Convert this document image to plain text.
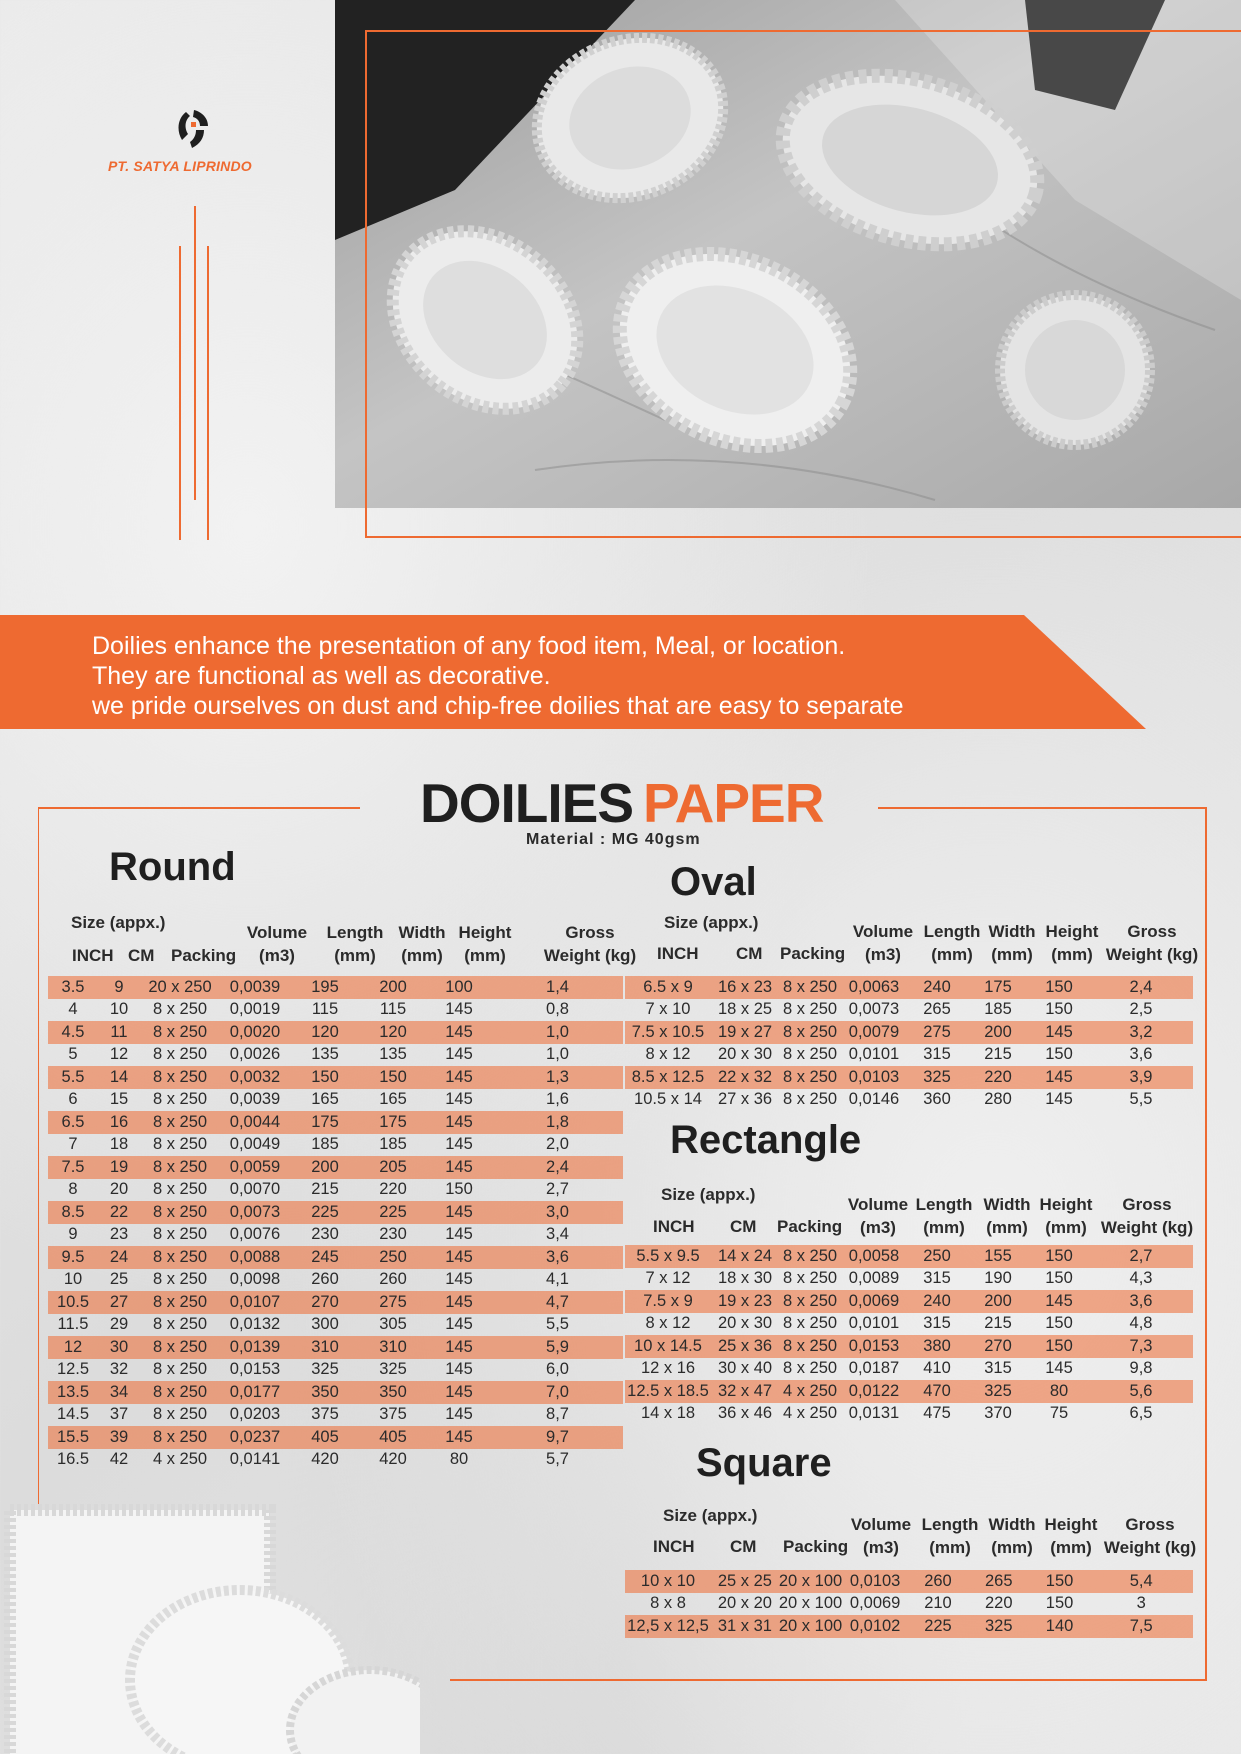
PT. SATYA LIPRINDO
Doilies enhance the presentation of any food item, Meal, or location.
They are functional as well as decorative.
we pride ourselves on dust and chip-free doilies that are easy to separate
DOILIES PAPER
Material : MG 40gsm
Round
Size (appx.)
INCH CM Packing
Volume
(m3)
Length
(mm)
Width
(mm)
Height
(mm)
Gross
Weight (kg)
3.5	9	20 x 250	0,0039	195	200	100	1,4
4	10	8 x 250	0,0019	115	115	145	0,8
4.5	11	8 x 250	0,0020	120	120	145	1,0
5	12	8 x 250	0,0026	135	135	145	1,0
5.5	14	8 x 250	0,0032	150	150	145	1,3
6	15	8 x 250	0,0039	165	165	145	1,6
6.5	16	8 x 250	0,0044	175	175	145	1,8
7	18	8 x 250	0,0049	185	185	145	2,0
7.5	19	8 x 250	0,0059	200	205	145	2,4
8	20	8 x 250	0,0070	215	220	150	2,7
8.5	22	8 x 250	0,0073	225	225	145	3,0
9	23	8 x 250	0,0076	230	230	145	3,4
9.5	24	8 x 250	0,0088	245	250	145	3,6
10	25	8 x 250	0,0098	260	260	145	4,1
10.5	27	8 x 250	0,0107	270	275	145	4,7
11.5	29	8 x 250	0,0132	300	305	145	5,5
12	30	8 x 250	0,0139	310	310	145	5,9
12.5	32	8 x 250	0,0153	325	325	145	6,0
13.5	34	8 x 250	0,0177	350	350	145	7,0
14.5	37	8 x 250	0,0203	375	375	145	8,7
15.5	39	8 x 250	0,0237	405	405	145	9,7
16.5	42	4 x 250	0,0141	420	420	80	5,7
Oval
Size (appx.)
INCH CM Packing
Volume
(m3)
Length
(mm)
Width
(mm)
Height
(mm)
Gross
Weight (kg)
6.5 x 9	16 x 23	8 x 250	0,0063	240	175	150	2,4
7 x 10	18 x 25	8 x 250	0,0073	265	185	150	2,5
7.5 x 10.5	19 x 27	8 x 250	0,0079	275	200	145	3,2
8 x 12	20 x 30	8 x 250	0,0101	315	215	150	3,6
8.5 x 12.5	22 x 32	8 x 250	0,0103	325	220	145	3,9
10.5 x 14	27 x 36	8 x 250	0,0146	360	280	145	5,5
Rectangle
Size (appx.)
INCH CM Packing
Volume
(m3)
Length
(mm)
Width
(mm)
Height
(mm)
Gross
Weight (kg)
5.5 x 9.5	14 x 24	8 x 250	0,0058	250	155	150	2,7
7 x 12	18 x 30	8 x 250	0,0089	315	190	150	4,3
7.5 x 9	19 x 23	8 x 250	0,0069	240	200	145	3,6
8 x 12	20 x 30	8 x 250	0,0101	315	215	150	4,8
10 x 14.5	25 x 36	8 x 250	0,0153	380	270	150	7,3
12 x 16	30 x 40	8 x 250	0,0187	410	315	145	9,8
12.5 x 18.5	32 x 47	4 x 250	0,0122	470	325	80	5,6
14 x 18	36 x 46	4 x 250	0,0131	475	370	75	6,5
Square
Size (appx.)
INCH CM Packing
Volume
(m3)
Length
(mm)
Width
(mm)
Height
(mm)
Gross
Weight (kg)
10 x 10	25 x 25	20 x 100	0,0103	260	265	150	5,4
8 x 8	20 x 20	20 x 100	0,0069	210	220	150	3
12,5 x 12,5	31 x 31	20 x 100	0,0102	225	325	140	7,5
